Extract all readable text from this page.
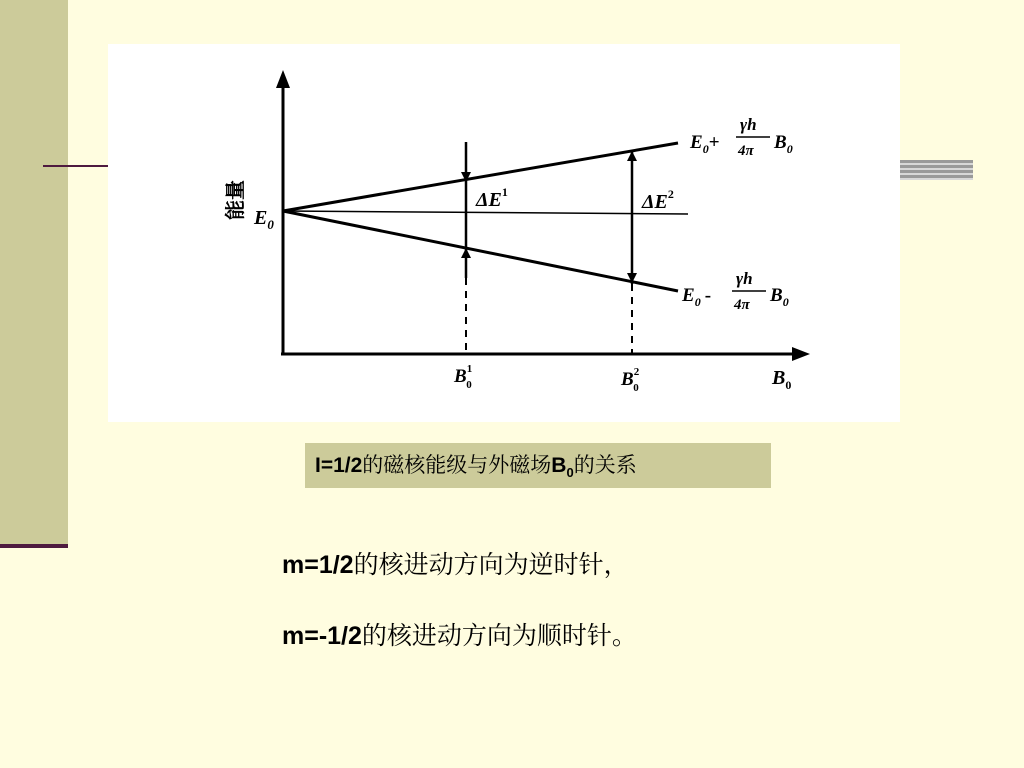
能量 $E_0$
$E_0+$
γh
4π $B_0$
$E_0$ -
γh
4π $B_0$
$\Delta E^1$	$\Delta E^2$
$B^1$ 0	$B^2$ 0	$B_0$
I=1/2的磁核能级与外磁场$B_0$的关系
m=1/2的核进动方向为逆时针，
m=-1/2的核进动方向为顺时针。
